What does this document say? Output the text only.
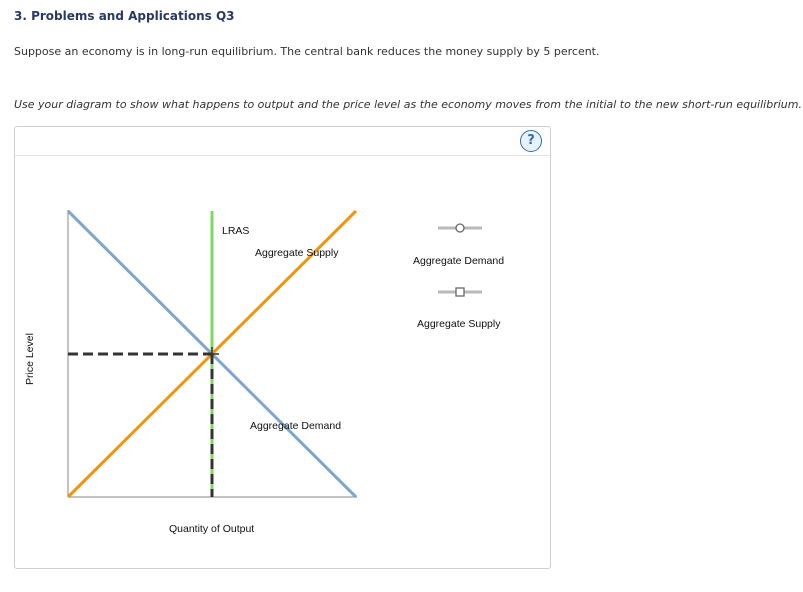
3. Problems and Applications Q3
Suppose an economy is in long-run equilibrium. The central bank reduces the money supply by 5 percent.
Use your diagram to show what happens to output and the price level as the economy moves from the initial to the new short-run equilibrium.
?
Price Level
Quantity of Output
LRAS
Aggregate Supply
Aggregate Demand
Aggregate Demand
Aggregate Supply
